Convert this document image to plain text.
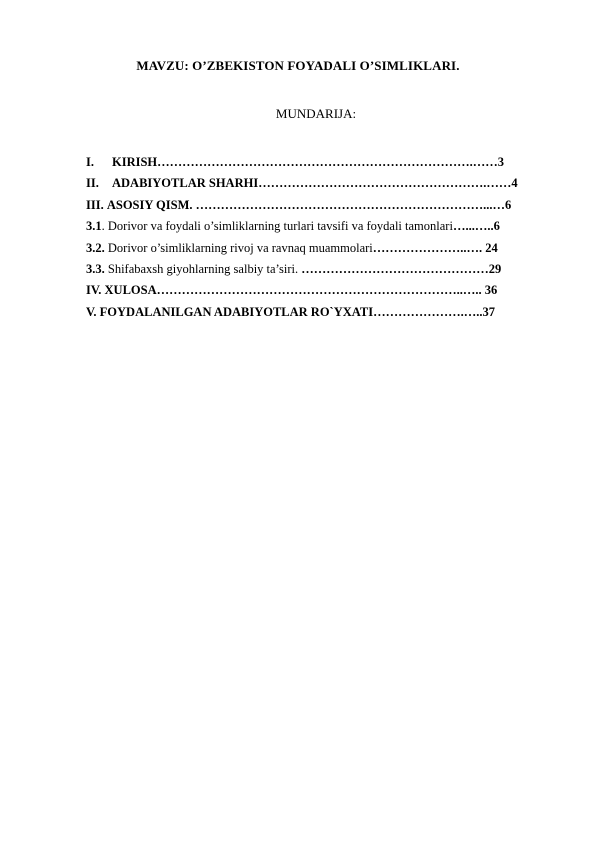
MAVZU: O’ZBEKISTON FOYADALI O’SIMLIKLARI.
MUNDARIJA:
I. KIRISH………………………………………………………………….……3
II. ADABIYOTLAR SHARHI……………………………………………….……4
III. ASOSIY QISM. ……………………………………………………………...…6
3.1. Dorivor va foydali o’simliklarning turlari tavsifi va foydali tamonlari…...…..6
3.2. Dorivor o’simliklarning rivoj va ravnaq muammolari…………………..…. 24
3.3. Shifabaxsh giyohlarning salbiy ta’siri. ………………………………………29
IV. XULOSA………………………………………………………………..….. 36
V. FOYDALANILGAN ADABIYOTLAR RO`YXATI………………….…..37
